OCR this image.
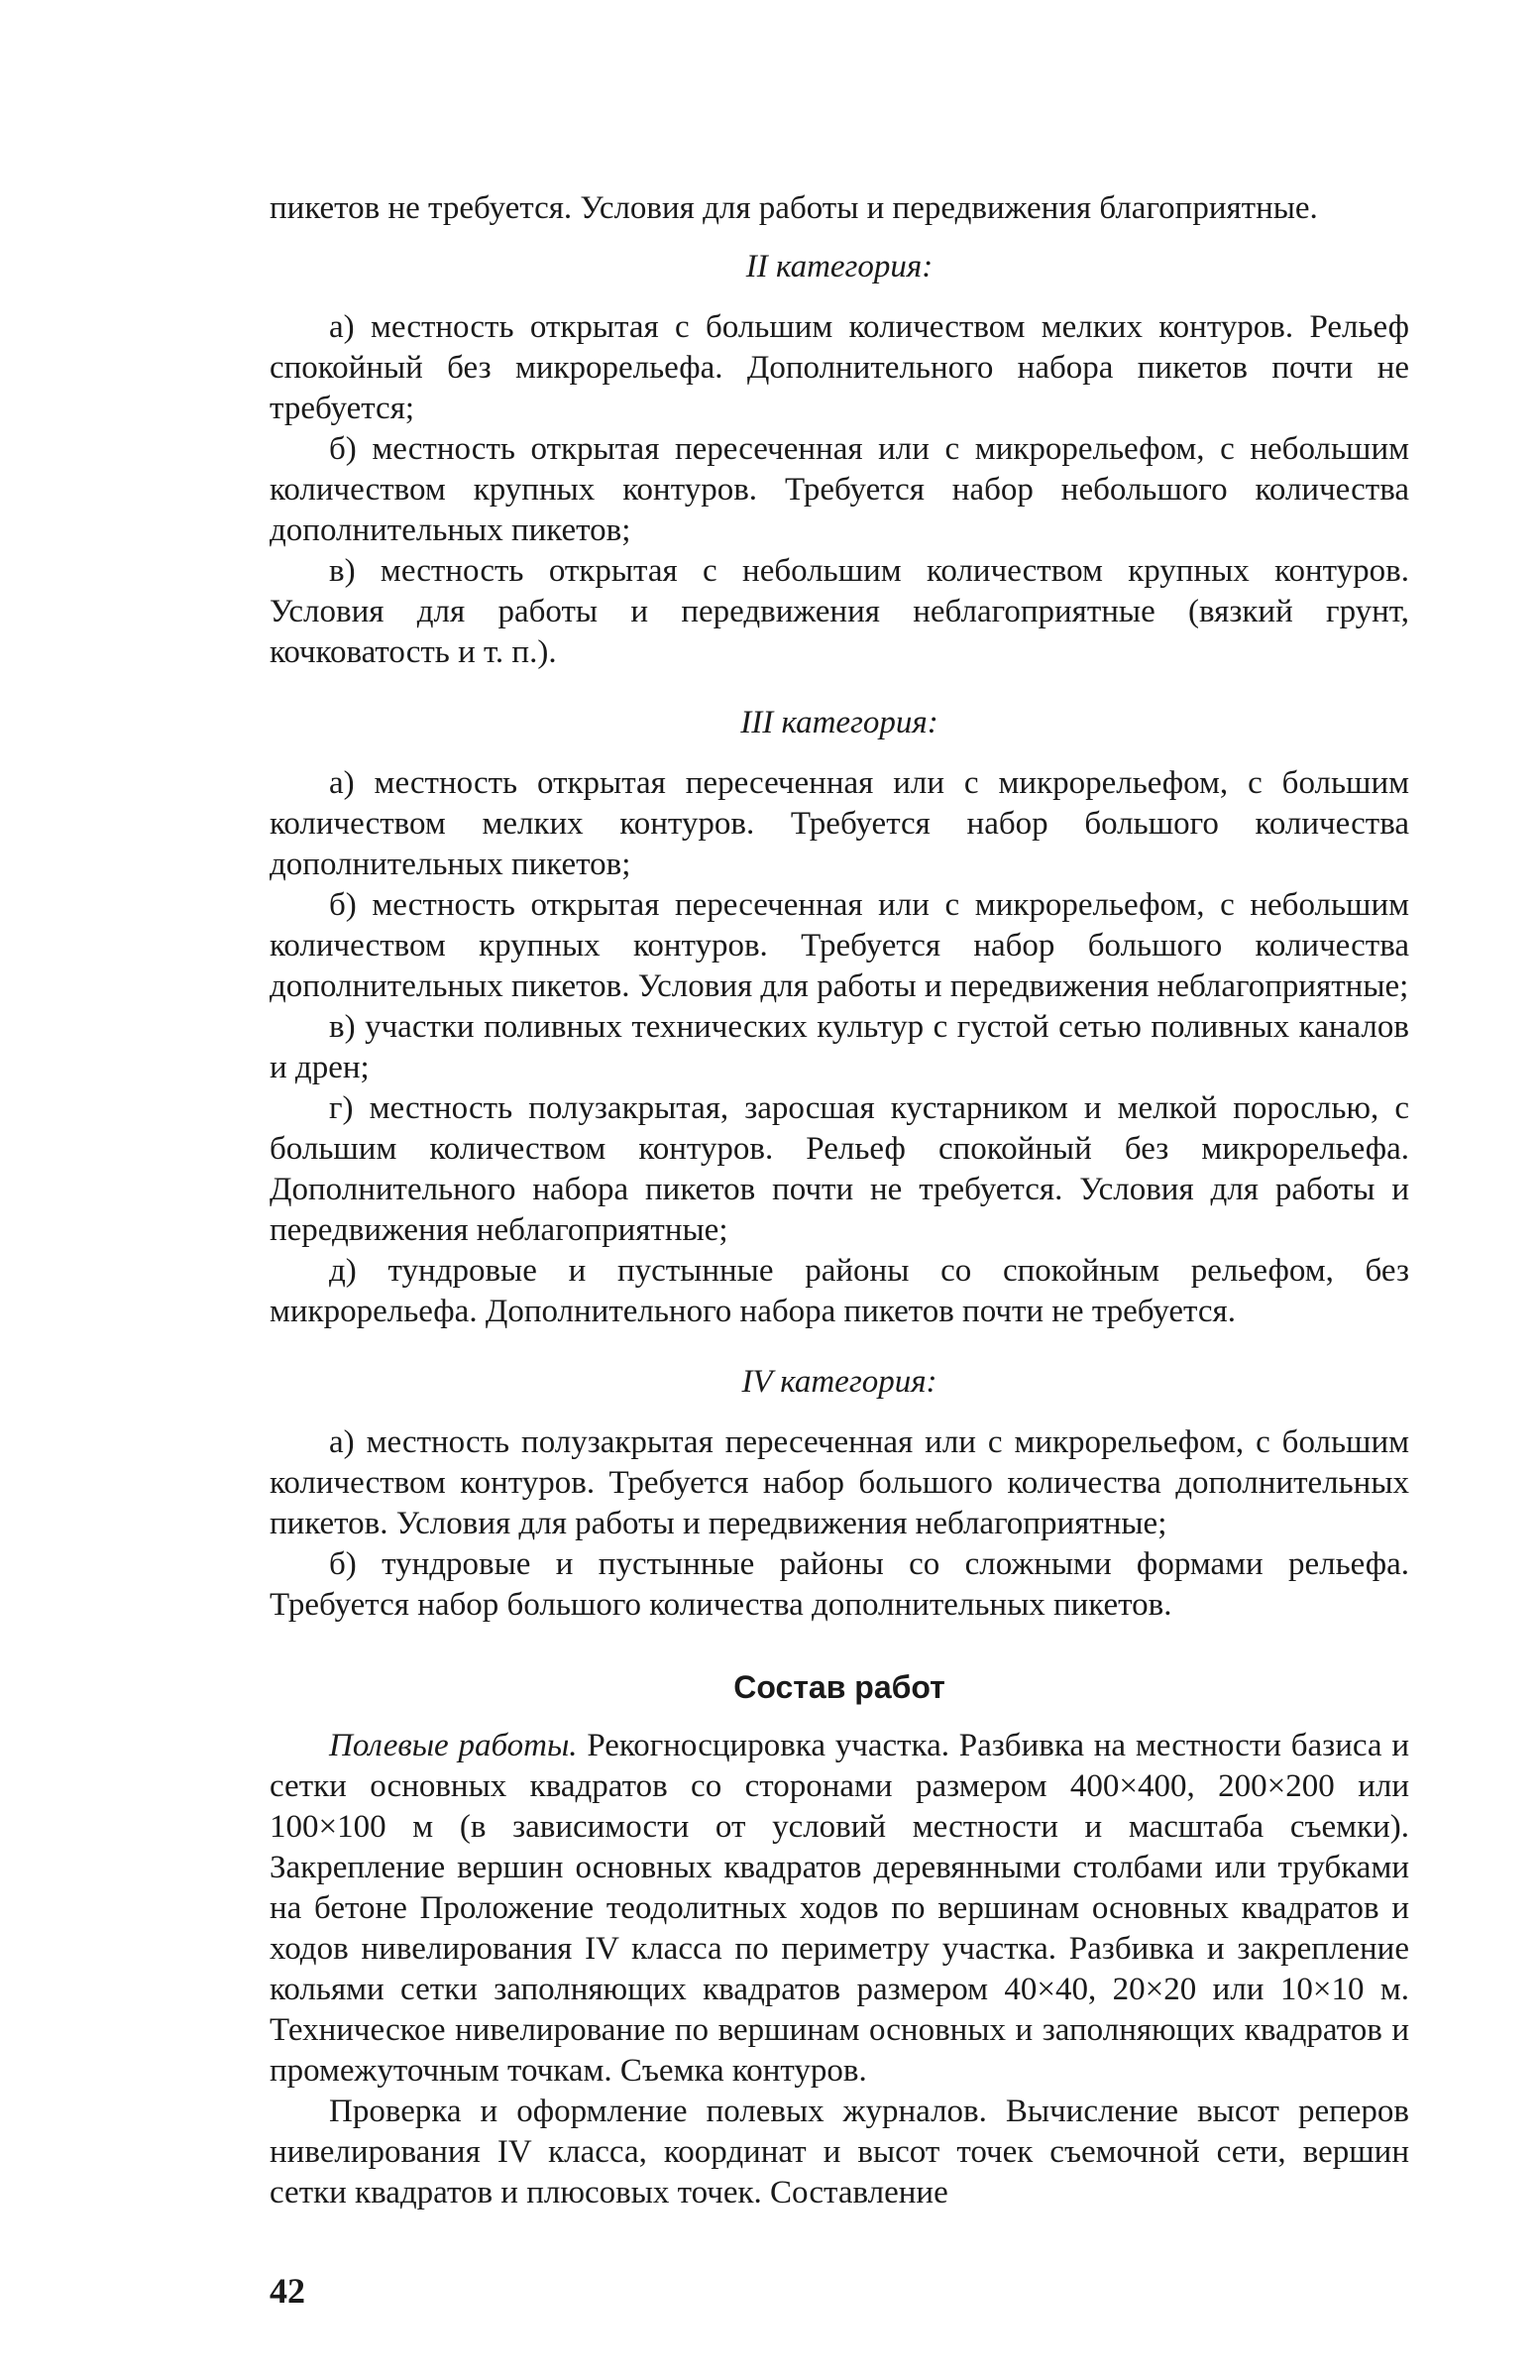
пикетов не требуется. Условия для работы и передвижения благоприятные.

II категория:

а) местность открытая с большим количеством мелких контуров. Рельеф спокойный без микрорельефа. Дополнительного набора пикетов почти не требуется;

б) местность открытая пересеченная или с микрорельефом, с небольшим количеством крупных контуров. Требуется набор небольшого количества дополнительных пикетов;

в) местность открытая с небольшим количеством крупных контуров. Условия для работы и передвижения неблагоприятные (вязкий грунт, кочковатость и т. п.).

III категория:

а) местность открытая пересеченная или с микрорельефом, с большим количеством мелких контуров. Требуется набор большого количества дополнительных пикетов;

б) местность открытая пересеченная или с микрорельефом, с небольшим количеством крупных контуров. Требуется набор большого количества дополнительных пикетов. Условия для работы и передвижения неблагоприятные;

в) участки поливных технических культур с густой сетью поливных каналов и дрен;

г) местность полузакрытая, заросшая кустарником и мелкой порослью, с большим количеством контуров. Рельеф спокойный без микрорельефа. Дополнительного набора пикетов почти не требуется. Условия для работы и передвижения неблагоприятные;

д) тундровые и пустынные районы со спокойным рельефом, без микрорельефа. Дополнительного набора пикетов почти не требуется.

IV категория:

а) местность полузакрытая пересеченная или с микрорельефом, с большим количеством контуров. Требуется набор большого количества дополнительных пикетов. Условия для работы и передвижения неблагоприятные;

б) тундровые и пустынные районы со сложными формами рельефа. Требуется набор большого количества дополнительных пикетов.

Состав работ

Полевые работы. Рекогносцировка участка. Разбивка на местности базиса и сетки основных квадратов со сторонами размером 400×400, 200×200 или 100×100 м (в зависимости от условий местности и масштаба съемки). Закрепление вершин основных квадратов деревянными столбами или трубками на бетоне Проложение теодолитных ходов по вершинам основных квадратов и ходов нивелирования IV класса по периметру участка. Разбивка и закрепление кольями сетки заполняющих квадратов размером 40×40, 20×20 или 10×10 м. Техническое нивелирование по вершинам основных и заполняющих квадратов и промежуточным точкам. Съемка контуров.

Проверка и оформление полевых журналов. Вычисление высот реперов нивелирования IV класса, координат и высот точек съемочной сети, вершин сетки квадратов и плюсовых точек. Составление

42
